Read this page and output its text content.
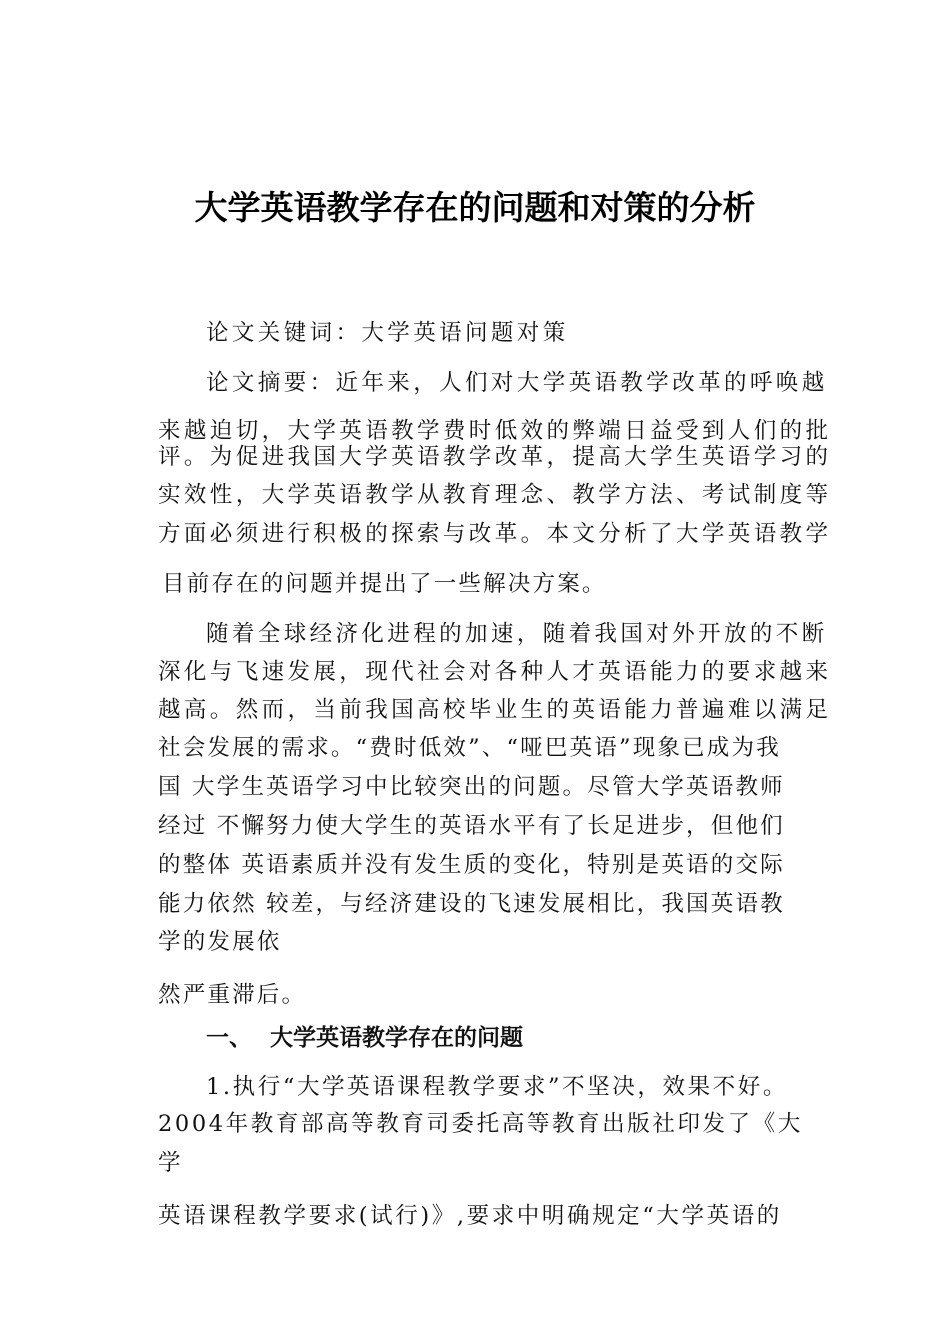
大学英语教学存在的问题和对策的分析
论文关键词：大学英语问题对策
论文摘要：近年来，人们对大学英语教学改革的呼唤越
来越迫切，大学英语教学费时低效的弊端日益受到人们的批
评。为促进我国大学英语教学改革，提高大学生英语学习的
实效性，大学英语教学从教育理念、教学方法、考试制度等
方面必须进行积极的探索与改革。本文分析了大学英语教学
目前存在的问题并提出了一些解决方案。
随着全球经济化进程的加速，随着我国对外开放的不断
深化与飞速发展，现代社会对各种人才英语能力的要求越来
越高。然而，当前我国高校毕业生的英语能力普遍难以满足
社会发展的需求。“费时低效”、“哑巴英语”现象已成为我
国 大学生英语学习中比较突出的问题。尽管大学英语教师
经过 不懈努力使大学生的英语水平有了长足进步，但他们
的整体 英语素质并没有发生质的变化，特别是英语的交际
能力依然 较差，与经济建设的飞速发展相比，我国英语教
学的发展依
然严重滞后。
一、 大学英语教学存在的问题
1.执行“大学英语课程教学要求”不坚决，效果不好。
2004年教育部高等教育司委托高等教育出版社印发了《大
学
英语课程教学要求(试行)》,要求中明确规定“大学英语的
